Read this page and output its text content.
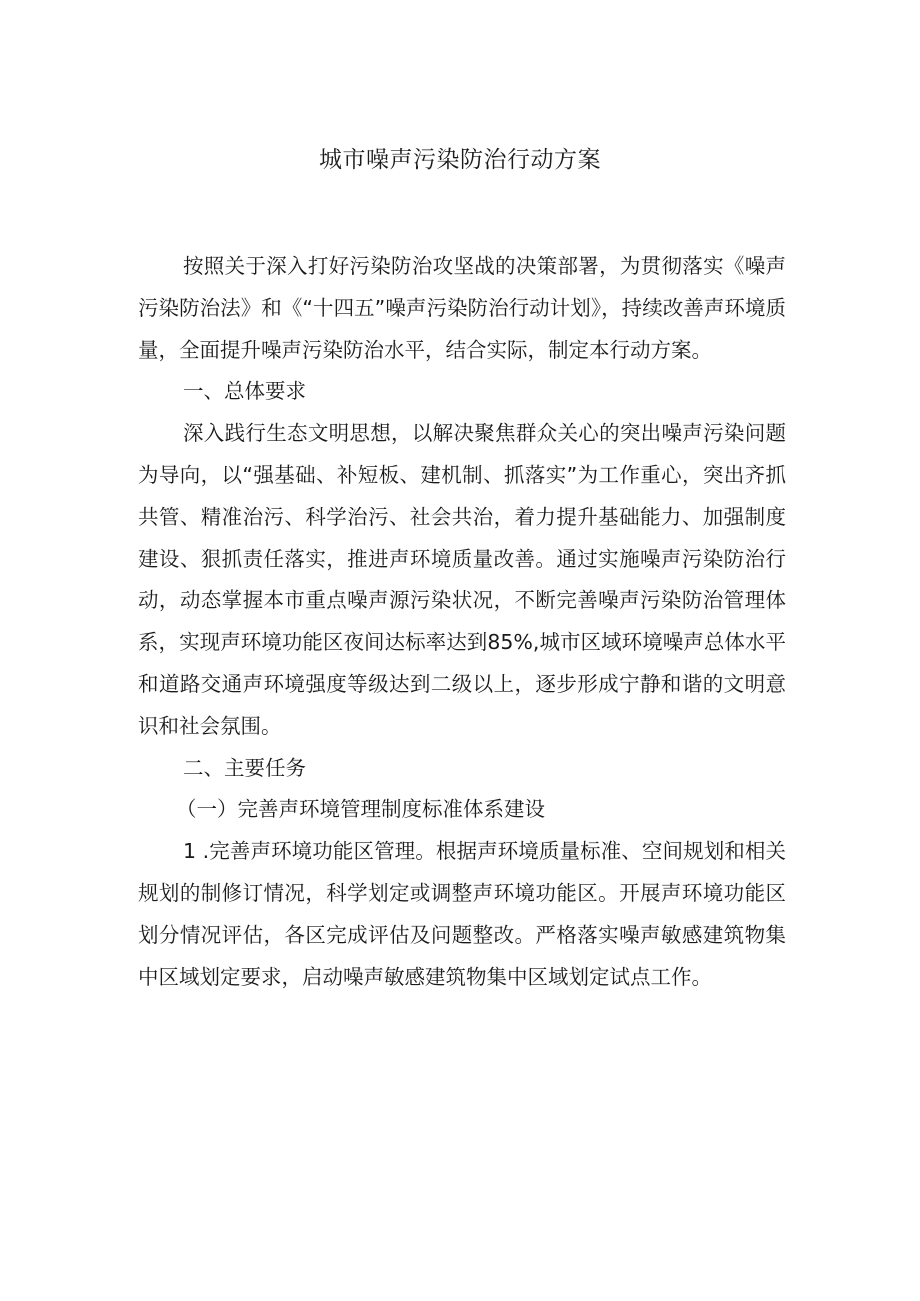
城市噪声污染防治行动方案

按照关于深入打好污染防治攻坚战的决策部署，为贯彻落实《噪声污染防治法》和《“十四五”噪声污染防治行动计划》，持续改善声环境质量，全面提升噪声污染防治水平，结合实际，制定本行动方案。

一、总体要求

深入践行生态文明思想，以解决聚焦群众关心的突出噪声污染问题为导向，以“强基础、补短板、建机制、抓落实”为工作重心，突出齐抓共管、精准治污、科学治污、社会共治，着力提升基础能力、加强制度建设、狠抓责任落实，推进声环境质量改善。通过实施噪声污染防治行动，动态掌握本市重点噪声源污染状况，不断完善噪声污染防治管理体系，实现声环境功能区夜间达标率达到85%,城市区域环境噪声总体水平和道路交通声环境强度等级达到二级以上，逐步形成宁静和谐的文明意识和社会氛围。

二、主要任务

（一）完善声环境管理制度标准体系建设

1 .完善声环境功能区管理。根据声环境质量标准、空间规划和相关规划的制修订情况，科学划定或调整声环境功能区。开展声环境功能区划分情况评估，各区完成评估及问题整改。严格落实噪声敏感建筑物集中区域划定要求，启动噪声敏感建筑物集中区域划定试点工作。
